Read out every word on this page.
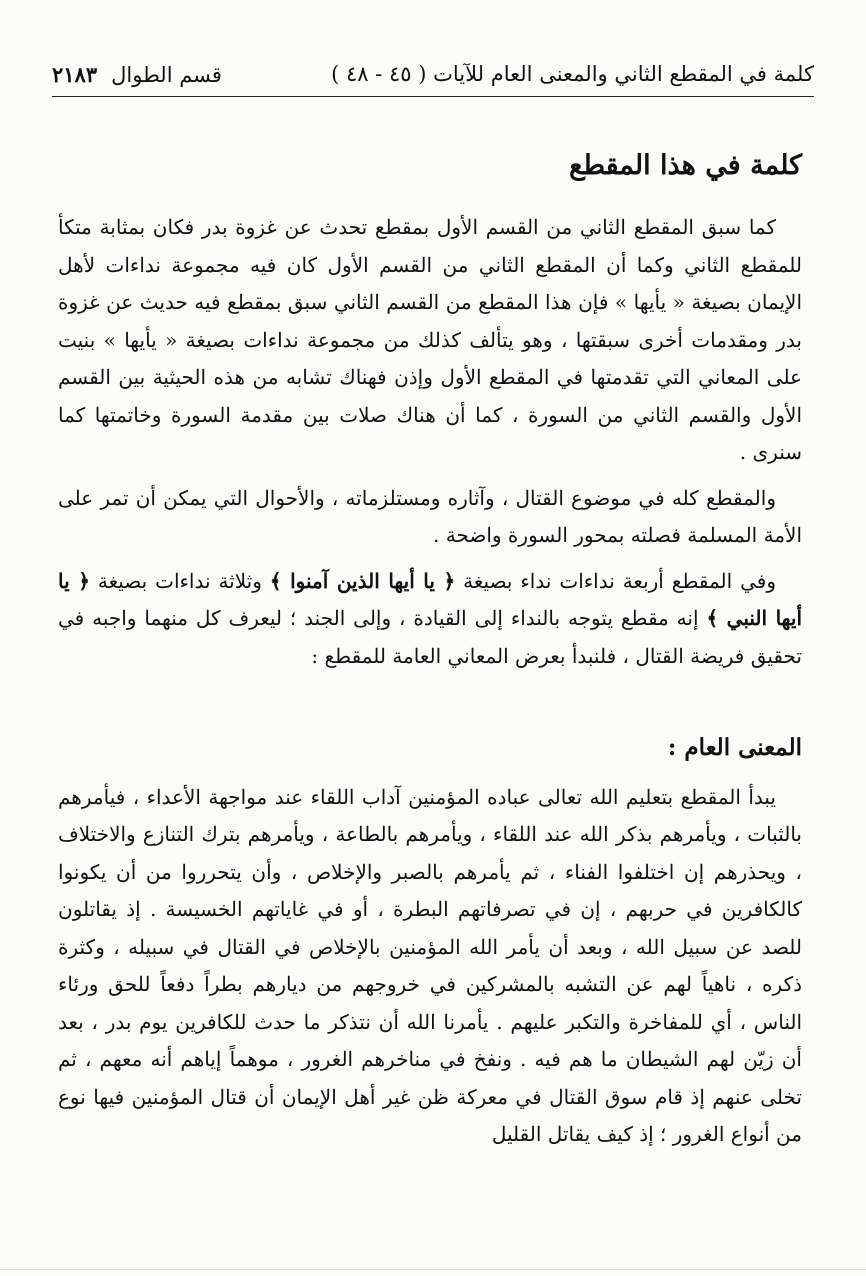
كلمة في المقطع الثاني والمعنى العام للآيات ( ٤٥ - ٤٨ )
قسم الطوال٢١٨٣
كلمة في هذا المقطع

كما سبق المقطع الثاني من القسم الأول بمقطع تحدث عن غزوة بدر فكان بمثابة متكأ للمقطع الثاني وكما أن المقطع الثاني من القسم الأول كان فيه مجموعة نداءات لأهل الإيمان بصيغة « يأيها » فإن هذا المقطع من القسم الثاني سبق بمقطع فيه حديث عن غزوة بدر ومقدمات أخرى سبقتها ، وهو يتألف كذلك من مجموعة نداءات بصيغة « يأيها » بنيت على المعاني التي تقدمتها في المقطع الأول وإذن فهناك تشابه من هذه الحيثية بين القسم الأول والقسم الثاني من السورة ، كما أن هناك صلات بين مقدمة السورة وخاتمتها كما سنرى .

والمقطع كله في موضوع القتال ، وآثاره ومستلزماته ، والأحوال التي يمكن أن تمر على الأمة المسلمة فصلته بمحور السورة واضحة .

وفي المقطع أربعة نداءات نداء بصيغة ﴿ يا أيها الذين آمنوا ﴾ وثلاثة نداءات بصيغة ﴿ يا أيها النبي ﴾ إنه مقطع يتوجه بالنداء إلى القيادة ، وإلى الجند ؛ ليعرف كل منهما واجبه في تحقيق فريضة القتال ، فلنبدأ بعرض المعاني العامة للمقطع :

المعنى العام :

يبدأ المقطع بتعليم الله تعالى عباده المؤمنين آداب اللقاء عند مواجهة الأعداء ، فيأمرهم بالثبات ، ويأمرهم بذكر الله عند اللقاء ، ويأمرهم بالطاعة ، ويأمرهم بترك التنازع والاختلاف ، ويحذرهم إن اختلفوا الفناء ، ثم يأمرهم بالصبر والإخلاص ، وأن يتحرروا من أن يكونوا كالكافرين في حربهم ، إن في تصرفاتهم البطرة ، أو في غاياتهم الخسيسة . إذ يقاتلون للصد عن سبيل الله ، وبعد أن يأمر الله المؤمنين بالإخلاص في القتال في سبيله ، وكثرة ذكره ، ناهياً لهم عن التشبه بالمشركين في خروجهم من ديارهم بطراً دفعاً للحق ورئاء الناس ، أي للمفاخرة والتكبر عليهم . يأمرنا الله أن نتذكر ما حدث للكافرين يوم بدر ، بعد أن زيّن لهم الشيطان ما هم فيه . ونفخ في مناخرهم الغرور ، موهماً إياهم أنه معهم ، ثم تخلى عنهم إذ قام سوق القتال في معركة ظن غير أهل الإيمان أن قتال المؤمنين فيها نوع من أنواع الغرور ؛ إذ كيف يقاتل القليل
